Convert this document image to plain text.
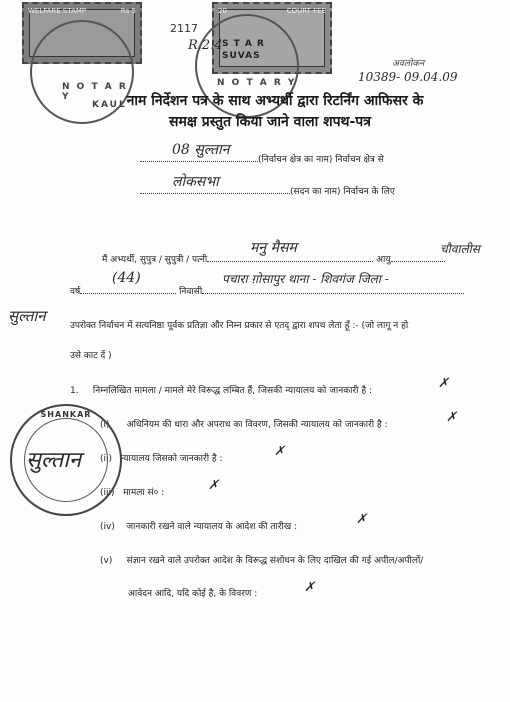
WELFARE STAMP	Rs 5
N O T A R Y
KAUL
20	COURT FEE
S T A R
SUVAS
N O T A R Y
2117
R.2.4
अवलोकन
10389- 09.04.09
नाम निर्देशन पत्र के साथ अभ्यर्थी द्वारा रिटर्निंग आफिसर के
समक्ष प्रस्तुत किया जाने वाला शपथ-पत्र
(निर्वाचन क्षेत्र का नाम) निर्वाचन क्षेत्र से
08 सुल्तान
(सदन का नाम) निर्वाचन के लिए
लोकसभा
मैं अभ्यर्थी, सुपुत्र / सुपुत्री / पत्नी	आयु
मनु मैसम	चौवालीस
वर्ष	निवासी
(44)	पचारा ग़ोसापुर थाना - शिवगंज जिला -
सुल्तान
उपरोक्त निर्वाचन में सत्यनिष्ठा पूर्वक प्रतिज्ञा और निम्न प्रकार से एतद् द्वारा शपथ लेता हूँ :- (जो लागू न हो
उसे काट दें )
1. निम्नलिखित मामला / मामले मेरे विरूद्ध लम्बित हैं, जिसकी न्यायालय को जानकारी है :	✗
(i) अधिनियम की धारा और अपराध का विवरण, जिसकी न्यायालय को जानकारी है :	✗
(ii) न्यायालय जिसको जानकारी है :	✗
(iii) मामला सं० :	✗
(iv) जानकारी रखने वाले न्यायालय के आदेश की तारीख :	✗
(v) संज्ञान रखने वाले उपरोक्त आदेश के विरूद्ध संशोधन के लिए दाखिल की गई अपील/अपीलों/
आवेदन आदि, यदि कोई है, के विवरण :	✗
SHANKAR
सुल्तान
